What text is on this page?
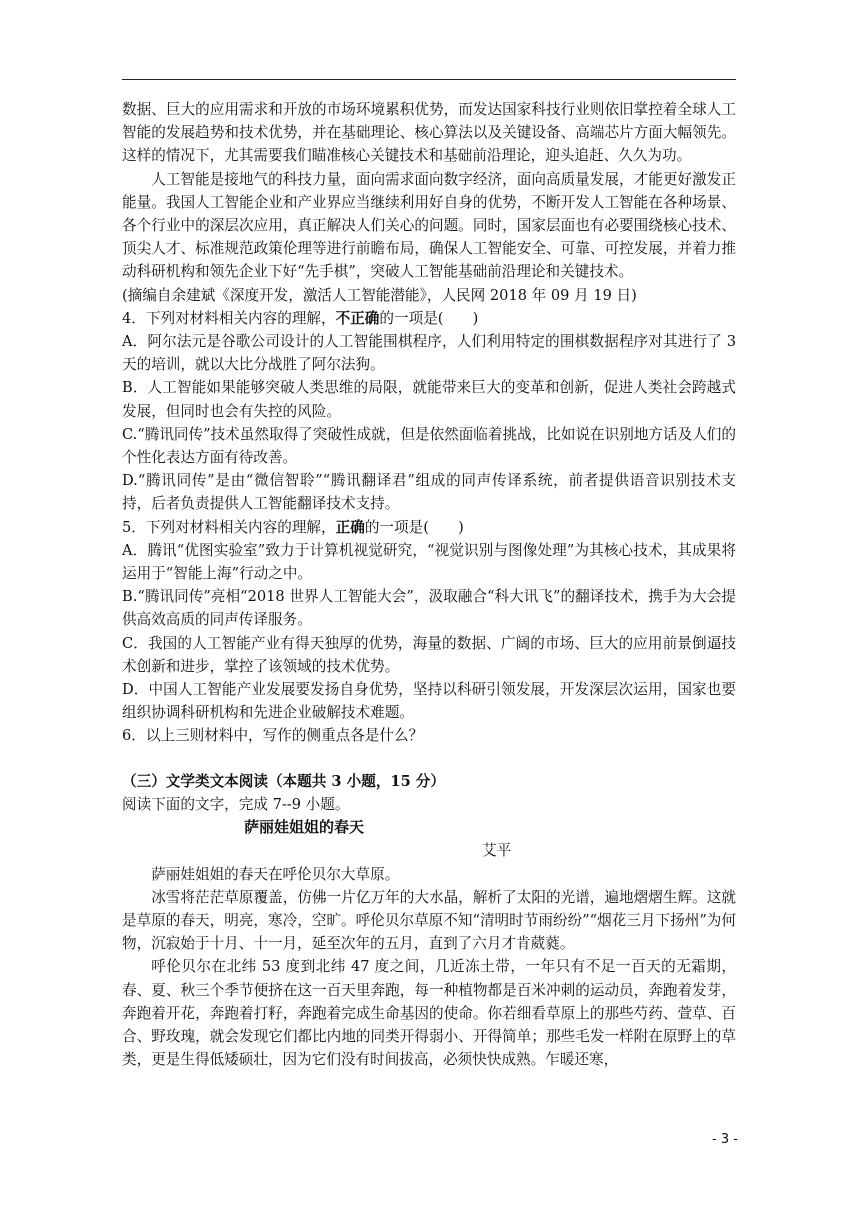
数据、巨大的应用需求和开放的市场环境累积优势，而发达国家科技行业则依旧掌控着全球人工智能的发展趋势和技术优势，并在基础理论、核心算法以及关键设备、高端芯片方面大幅领先。这样的情况下，尤其需要我们瞄准核心关键技术和基础前沿理论，迎头追赶、久久为功。

人工智能是接地气的科技力量，面向需求面向数字经济，面向高质量发展，才能更好激发正能量。我国人工智能企业和产业界应当继续利用好自身的优势，不断开发人工智能在各种场景、各个行业中的深层次应用，真正解决人们关心的问题。同时，国家层面也有必要围绕核心技术、顶尖人才、标准规范政策伦理等进行前瞻布局，确保人工智能安全、可靠、可控发展，并着力推动科研机构和领先企业下好“先手棋”，突破人工智能基础前沿理论和关键技术。

(摘编自余建斌《深度开发，激活人工智能潜能》，人民网 2018 年 09 月 19 日)

4．下列对材料相关内容的理解，不正确的一项是(　　)

A．阿尔法元是谷歌公司设计的人工智能围棋程序，人们利用特定的围棋数据程序对其进行了 3 天的培训，就以大比分战胜了阿尔法狗。

B．人工智能如果能够突破人类思维的局限，就能带来巨大的变革和创新，促进人类社会跨越式发展，但同时也会有失控的风险。

C.“腾讯同传”技术虽然取得了突破性成就，但是依然面临着挑战，比如说在识别地方话及人们的个性化表达方面有待改善。

D.“腾讯同传”是由“微信智聆”“腾讯翻译君”组成的同声传译系统，前者提供语音识别技术支持，后者负责提供人工智能翻译技术支持。

5．下列对材料相关内容的理解，正确的一项是(　　)

A．腾讯“优图实验室”致力于计算机视觉研究，“视觉识别与图像处理”为其核心技术，其成果将运用于“智能上海”行动之中。

B.“腾讯同传”亮相“2018 世界人工智能大会”，汲取融合“科大讯飞”的翻译技术，携手为大会提供高效高质的同声传译服务。

C．我国的人工智能产业有得天独厚的优势，海量的数据、广阔的市场、巨大的应用前景倒逼技术创新和进步，掌控了该领域的技术优势。

D．中国人工智能产业发展要发扬自身优势，坚持以科研引领发展，开发深层次运用，国家也要组织协调科研机构和先进企业破解技术难题。

6．以上三则材料中，写作的侧重点各是什么？

（三）文学类文本阅读（本题共 3 小题，15 分）

阅读下面的文字，完成 7--9 小题。

萨丽娃姐姐的春天

艾平

萨丽娃姐姐的春天在呼伦贝尔大草原。

冰雪将茫茫草原覆盖，仿佛一片亿万年的大水晶，解析了太阳的光谱，遍地熠熠生辉。这就是草原的春天，明亮，寒冷，空旷。呼伦贝尔草原不知“清明时节雨纷纷”“烟花三月下扬州”为何物，沉寂始于十月、十一月，延至次年的五月，直到了六月才肯葳蕤。

呼伦贝尔在北纬 53 度到北纬 47 度之间，几近冻土带，一年只有不足一百天的无霜期，春、夏、秋三个季节便挤在这一百天里奔跑，每一种植物都是百米冲刺的运动员，奔跑着发芽，奔跑着开花，奔跑着打籽，奔跑着完成生命基因的使命。你若细看草原上的那些芍药、萱草、百合、野玫瑰，就会发现它们都比内地的同类开得弱小、开得简单；那些毛发一样附在原野上的草类，更是生得低矮硕壮，因为它们没有时间拔高，必须快快成熟。乍暖还寒，

- 3 -
